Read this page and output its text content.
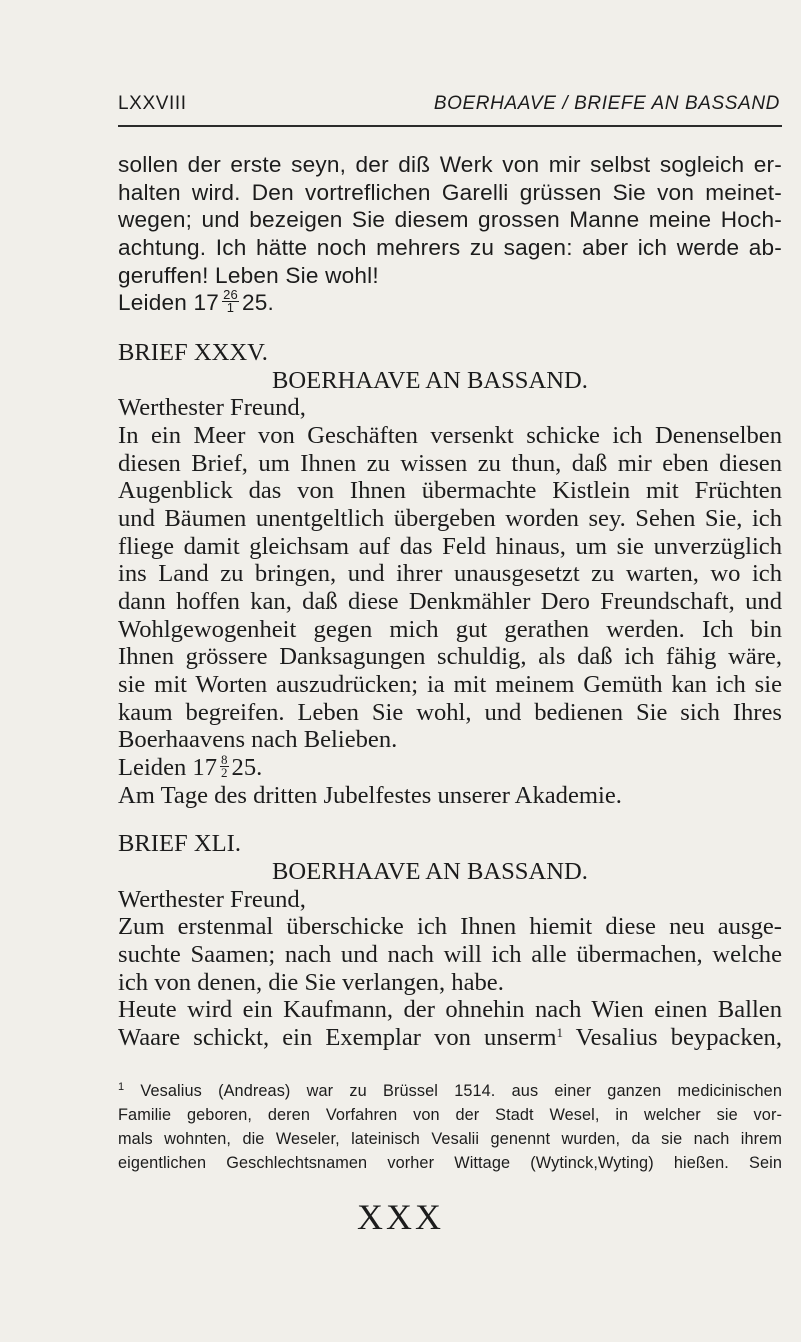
LXXVIII	BOERHAAVE / BRIEFE AN BASSAND
sollen der erste seyn, der diß Werk von mir selbst sogleich er-
halten wird. Den vortreflichen Garelli grüssen Sie von meinet-
wegen; und bezeigen Sie diesem grossen Manne meine Hoch-
achtung. Ich hätte noch mehrers zu sagen: aber ich werde ab-
geruffen! Leben Sie wohl!
Leiden $17 \frac{26}{1} 25$.
BRIEF XXXV.
BOERHAAVE AN BASSAND.
Werthester Freund,
In ein Meer von Geschäften versenkt schicke ich Denenselben
diesen Brief, um Ihnen zu wissen zu thun, daß mir eben diesen
Augenblick das von Ihnen übermachte Kistlein mit Früchten
und Bäumen unentgeltlich übergeben worden sey. Sehen Sie, ich
fliege damit gleichsam auf das Feld hinaus, um sie unverzüglich
ins Land zu bringen, und ihrer unausgesetzt zu warten, wo ich
dann hoffen kan, daß diese Denkmähler Dero Freundschaft, und
Wohlgewogenheit gegen mich gut gerathen werden. Ich bin
Ihnen grössere Danksagungen schuldig, als daß ich fähig wäre,
sie mit Worten auszudrücken; ia mit meinem Gemüth kan ich sie
kaum begreifen. Leben Sie wohl, und bedienen Sie sich Ihres
Boerhaavens nach Belieben.
Leiden $17 \frac{8}{2} 25$.
Am Tage des dritten Jubelfestes unserer Akademie.
BRIEF XLI.
BOERHAAVE AN BASSAND.
Werthester Freund,
Zum erstenmal überschicke ich Ihnen hiemit diese neu ausge-
suchte Saamen; nach und nach will ich alle übermachen, welche
ich von denen, die Sie verlangen, habe.
Heute wird ein Kaufmann, der ohnehin nach Wien einen Ballen
Waare schickt, ein Exemplar von unserm$^1$ Vesalius beypacken,
$^1$ Vesalius (Andreas) war zu Brüssel 1514. aus einer ganzen medicinischen
Familie geboren, deren Vorfahren von der Stadt Wesel, in welcher sie vor-
mals wohnten, die Weseler, lateinisch Vesalii genennt wurden, da sie nach ihrem
eigentlichen Geschlechtsnamen vorher Wittage (Wytinck,Wyting) hießen. Sein
XXX
